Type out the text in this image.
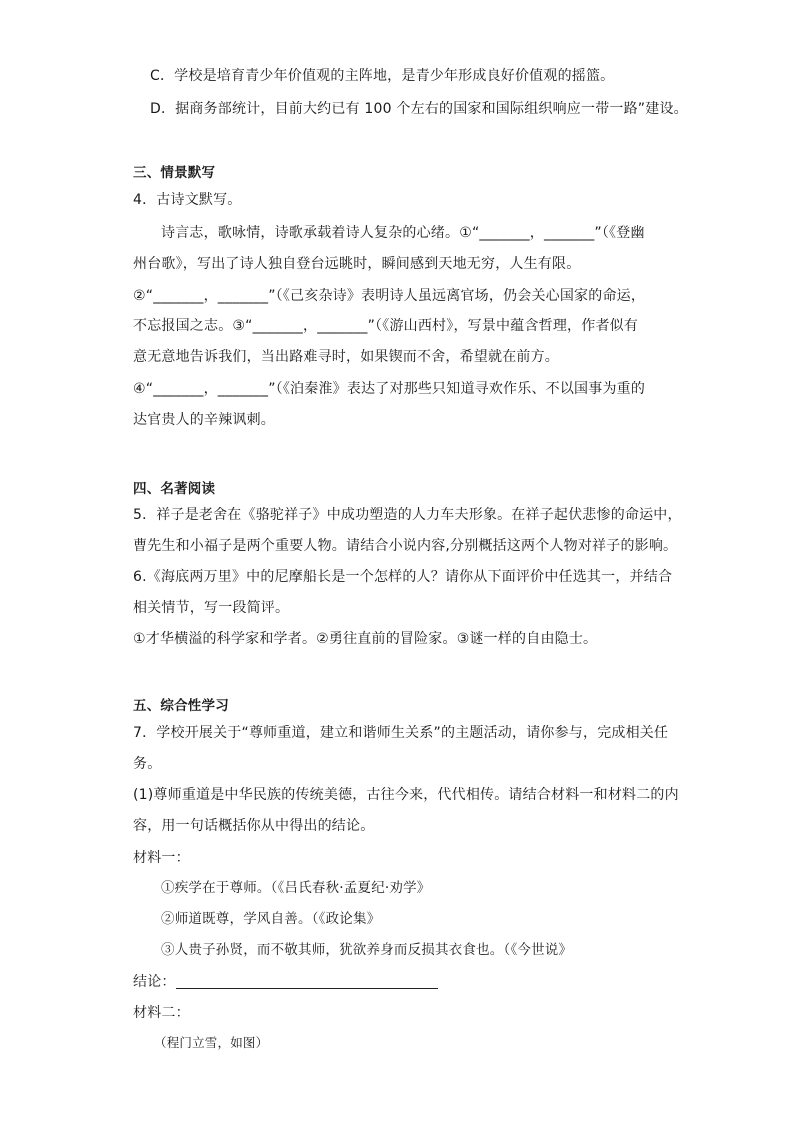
C．学校是培育青少年价值观的主阵地，是青少年形成良好价值观的摇篮。
D．据商务部统计，目前大约已有 100 个左右的国家和国际组织响应一带一路”建设。
三、情景默写
4．古诗文默写。
诗言志，歌咏情，诗歌承载着诗人复杂的心绪。①“_______，_______”（《登幽
州台歌》，写出了诗人独自登台远眺时，瞬间感到天地无穷，人生有限。
②“_______，_______”（《己亥杂诗》表明诗人虽远离官场，仍会关心国家的命运，
不忘报国之志。③“_______，_______”（《游山西村》，写景中蕴含哲理，作者似有
意无意地告诉我们，当出路难寻时，如果锲而不舍，希望就在前方。
④“_______，_______”（《泊秦淮》表达了对那些只知道寻欢作乐、不以国事为重的
达官贵人的辛辣讽刺。
四、名著阅读
5．祥子是老舍在《骆驼祥子》中成功塑造的人力车夫形象。在祥子起伏悲惨的命运中，
曹先生和小福子是两个重要人物。请结合小说内容,分别概括这两个人物对祥子的影响。
6.《海底两万里》中的尼摩船长是一个怎样的人？请你从下面评价中任选其一，并结合
相关情节，写一段简评。
①才华横溢的科学家和学者。②勇往直前的冒险家。③谜一样的自由隐士。
五、综合性学习
7．学校开展关于“尊师重道，建立和谐师生关系”的主题活动，请你参与，完成相关任
务。
(1)尊师重道是中华民族的传统美德，古往今来，代代相传。请结合材料一和材料二的内
容，用一句话概括你从中得出的结论。
材料一：
①疾学在于尊师。（《吕氏春秋·孟夏纪·劝学》
②师道既尊，学风自善。（《政论集》
③人贵子孙贤，而不敬其师，犹欲养身而反损其衣食也。（《今世说》
结论：
材料二：
（程门立雪，如图）
